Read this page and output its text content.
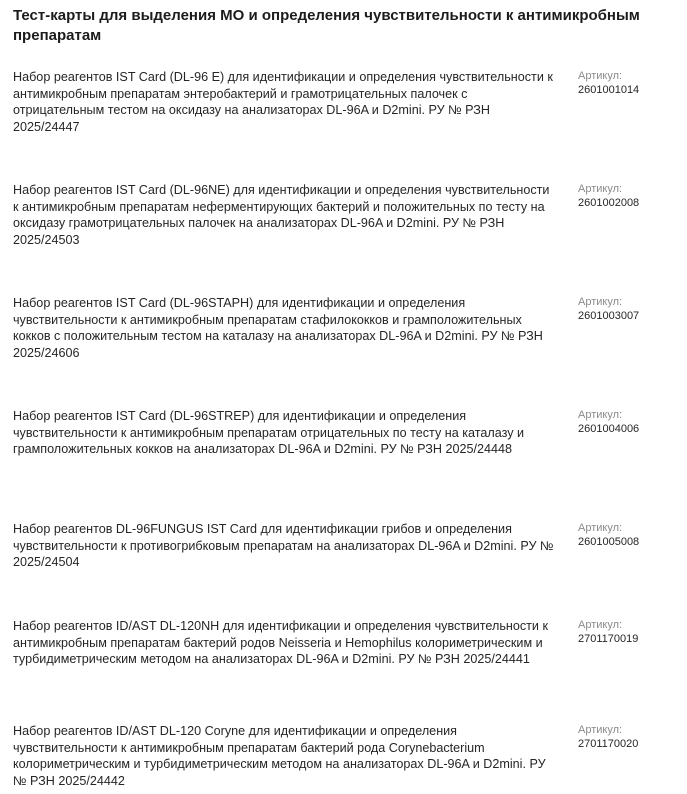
Тест-карты для выделения МО и определения чувствительности к антимикробным препаратам
Набор реагентов IST Card (DL-96 E) для идентификации и определения чувствительности к антимикробным препаратам энтеробактерий и грамотрицательных палочек с отрицательным тестом на оксидазу на анализаторах DL-96A и D2mini. РУ № РЗН 2025/24447
Артикул:
2601001014
Набор реагентов IST Card (DL-96NE) для идентификации и определения чувствительности к антимикробным препаратам неферментирующих бактерий и положительных по тесту на оксидазу грамотрицательных палочек на анализаторах DL-96A и D2mini. РУ № РЗН 2025/24503
Артикул:
2601002008
Набор реагентов IST Card (DL-96STAPH) для идентификации и определения чувствительности к антимикробным препаратам стафилококков и грамположительных кокков с положительным тестом на каталазу на анализаторах DL-96A и D2mini. РУ № РЗН 2025/24606
Артикул:
2601003007
Набор реагентов IST Card (DL-96STREP) для идентификации и определения чувствительности к антимикробным препаратам отрицательных по тесту на каталазу и грамположительных кокков на анализаторах DL-96A и D2mini. РУ № РЗН 2025/24448
Артикул:
2601004006
Набор реагентов DL-96FUNGUS IST Card для идентификации грибов и определения чувствительности к противогрибковым препаратам на анализаторах DL-96A и D2mini. РУ № 2025/24504
Артикул:
2601005008
Набор реагентов ID/AST DL-120NH для идентификации и определения чувствительности к антимикробным препаратам бактерий родов Neisseria и Hemophilus колориметрическим и турбидиметрическим методом на анализаторах DL-96A и D2mini. РУ № РЗН 2025/24441
Артикул:
2701170019
Набор реагентов ID/AST DL-120 Coryne для идентификации и определения чувствительности к антимикробным препаратам бактерий рода Corynebacterium колориметрическим и турбидиметрическим методом на анализаторах DL-96A и D2mini. РУ № РЗН 2025/24442
Артикул:
2701170020
